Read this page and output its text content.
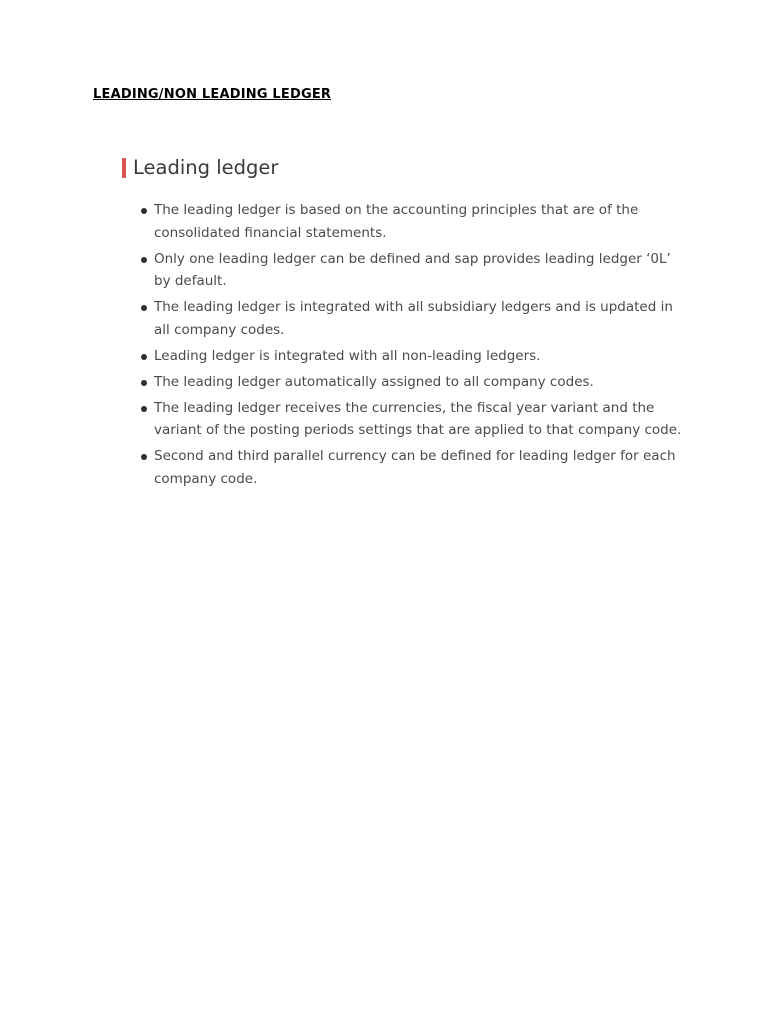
LEADING/NON LEADING LEDGER
Leading ledger
The leading ledger is based on the accounting principles that are of the consolidated financial statements.
Only one leading ledger can be defined and sap provides leading ledger ‘0L’ by default.
The leading ledger is integrated with all subsidiary ledgers and is updated in all company codes.
Leading ledger is integrated with all non-leading ledgers.
The leading ledger automatically assigned to all company codes.
The leading ledger receives the currencies, the fiscal year variant and the variant of the posting periods settings that are applied to that company code.
Second and third parallel currency can be defined for leading ledger for each company code.
